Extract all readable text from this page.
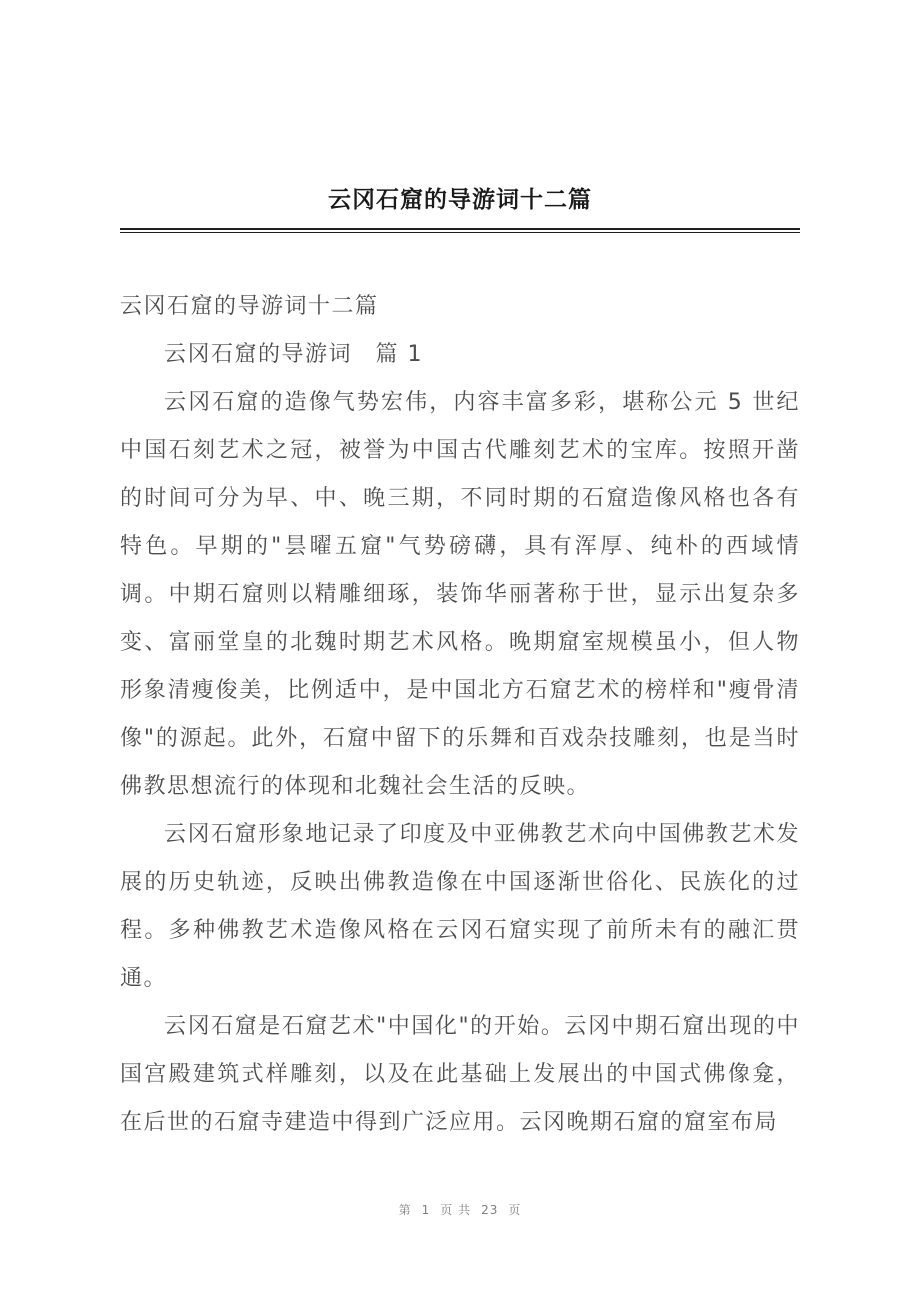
云冈石窟的导游词十二篇

云冈石窟的导游词十二篇

云冈石窟的导游词　篇 1

云冈石窟的造像气势宏伟，内容丰富多彩，堪称公元 5 世纪中国石刻艺术之冠，被誉为中国古代雕刻艺术的宝库。按照开凿的时间可分为早、中、晚三期，不同时期的石窟造像风格也各有特色。早期的"昙曜五窟"气势磅礴，具有浑厚、纯朴的西域情调。中期石窟则以精雕细琢，装饰华丽著称于世，显示出复杂多变、富丽堂皇的北魏时期艺术风格。晚期窟室规模虽小，但人物形象清瘦俊美，比例适中，是中国北方石窟艺术的榜样和"瘦骨清像"的源起。此外，石窟中留下的乐舞和百戏杂技雕刻，也是当时佛教思想流行的体现和北魏社会生活的反映。

云冈石窟形象地记录了印度及中亚佛教艺术向中国佛教艺术发展的历史轨迹，反映出佛教造像在中国逐渐世俗化、民族化的过程。多种佛教艺术造像风格在云冈石窟实现了前所未有的融汇贯通。

云冈石窟是石窟艺术"中国化"的开始。云冈中期石窟出现的中国宫殿建筑式样雕刻，以及在此基础上发展出的中国式佛像龛，在后世的石窟寺建造中得到广泛应用。云冈晚期石窟的窟室布局

第 1 页 共 23 页
